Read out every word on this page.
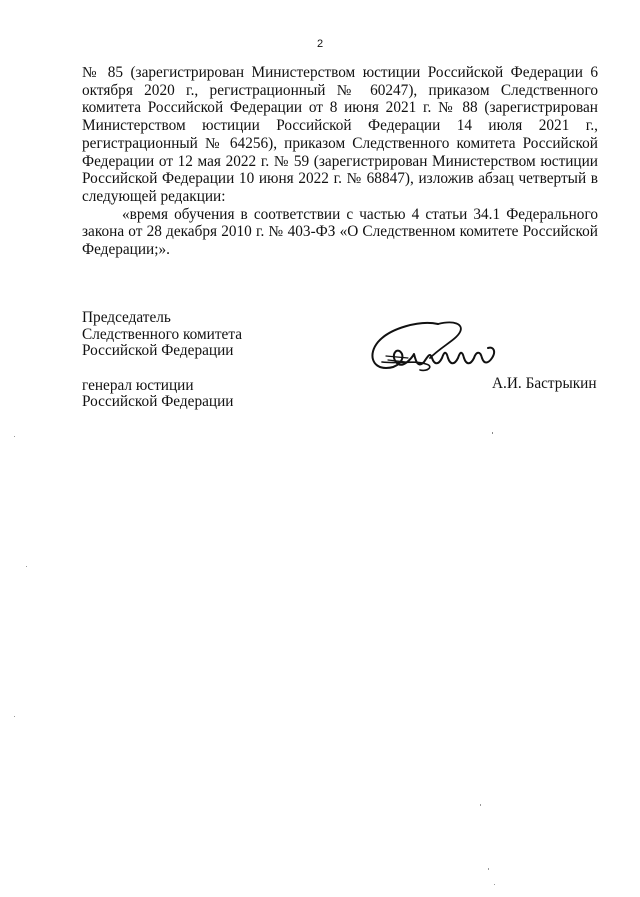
2

№ 85 (зарегистрирован Министерством юстиции Российской Федерации 6 октября 2020 г., регистрационный № 60247), приказом Следственного комитета Российской Федерации от 8 июня 2021 г. № 88 (зарегистрирован Министерством юстиции Российской Федерации 14 июля 2021 г., регистрационный № 64256), приказом Следственного комитета Российской Федерации от 12 мая 2022 г. № 59 (зарегистрирован Министерством юстиции Российской Федерации 10 июня 2022 г. № 68847), изложив абзац четвертый в следующей редакции:

«время обучения в соответствии с частью 4 статьи 34.1 Федерального закона от 28 декабря 2010 г. № 403-ФЗ «О Следственном комитете Российской Федерации;».

Председатель
Следственного комитета
Российской Федерации
генерал юстиции
Российской Федерации
А.И. Бастрыкин
